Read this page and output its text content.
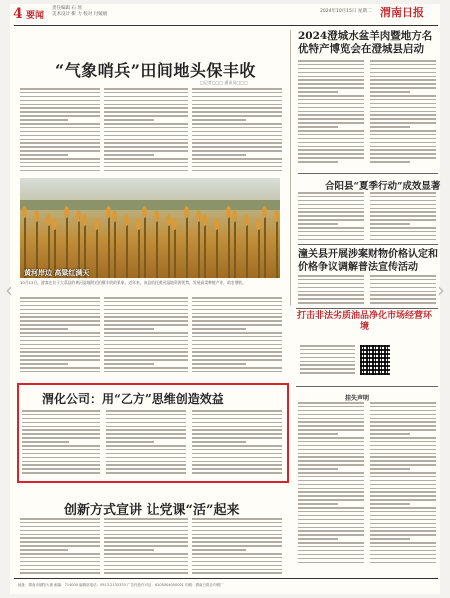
4 要闻
责任编辑 石 瑶
美术设计 靳 力 校对 付媛媛
2024年10月15日 星期二 渭南日报
“气象哨兵”田间地头保丰收
□记者□□□ 通讯员□□□
黄河岸边 高粱红满天
10月13日，游客在位于大荔县的黄河湿地附近拍摄丰收的景象。近年来，该县依托黄河湿地资源优势，发展高粱种植产业，助农增收。
2024澄城水盆羊肉暨地方名优特产博览会在澄城县启动
合阳县“夏季行动”成效显著
潼关县开展涉案财物价格认定和价格争议调解普法宣传活动
打击非法劣质油品净化市场经营环境
挂失声明
渭化公司：用“乙方”思维创造效益
创新方式宣讲 让党课“活”起来
地址：渭南市朝阳大街 邮编：714000 编辑部电话：0913-2133333 广告经营许可证：6105004000001 印刷：渭南日报社印刷厂
‹	›
